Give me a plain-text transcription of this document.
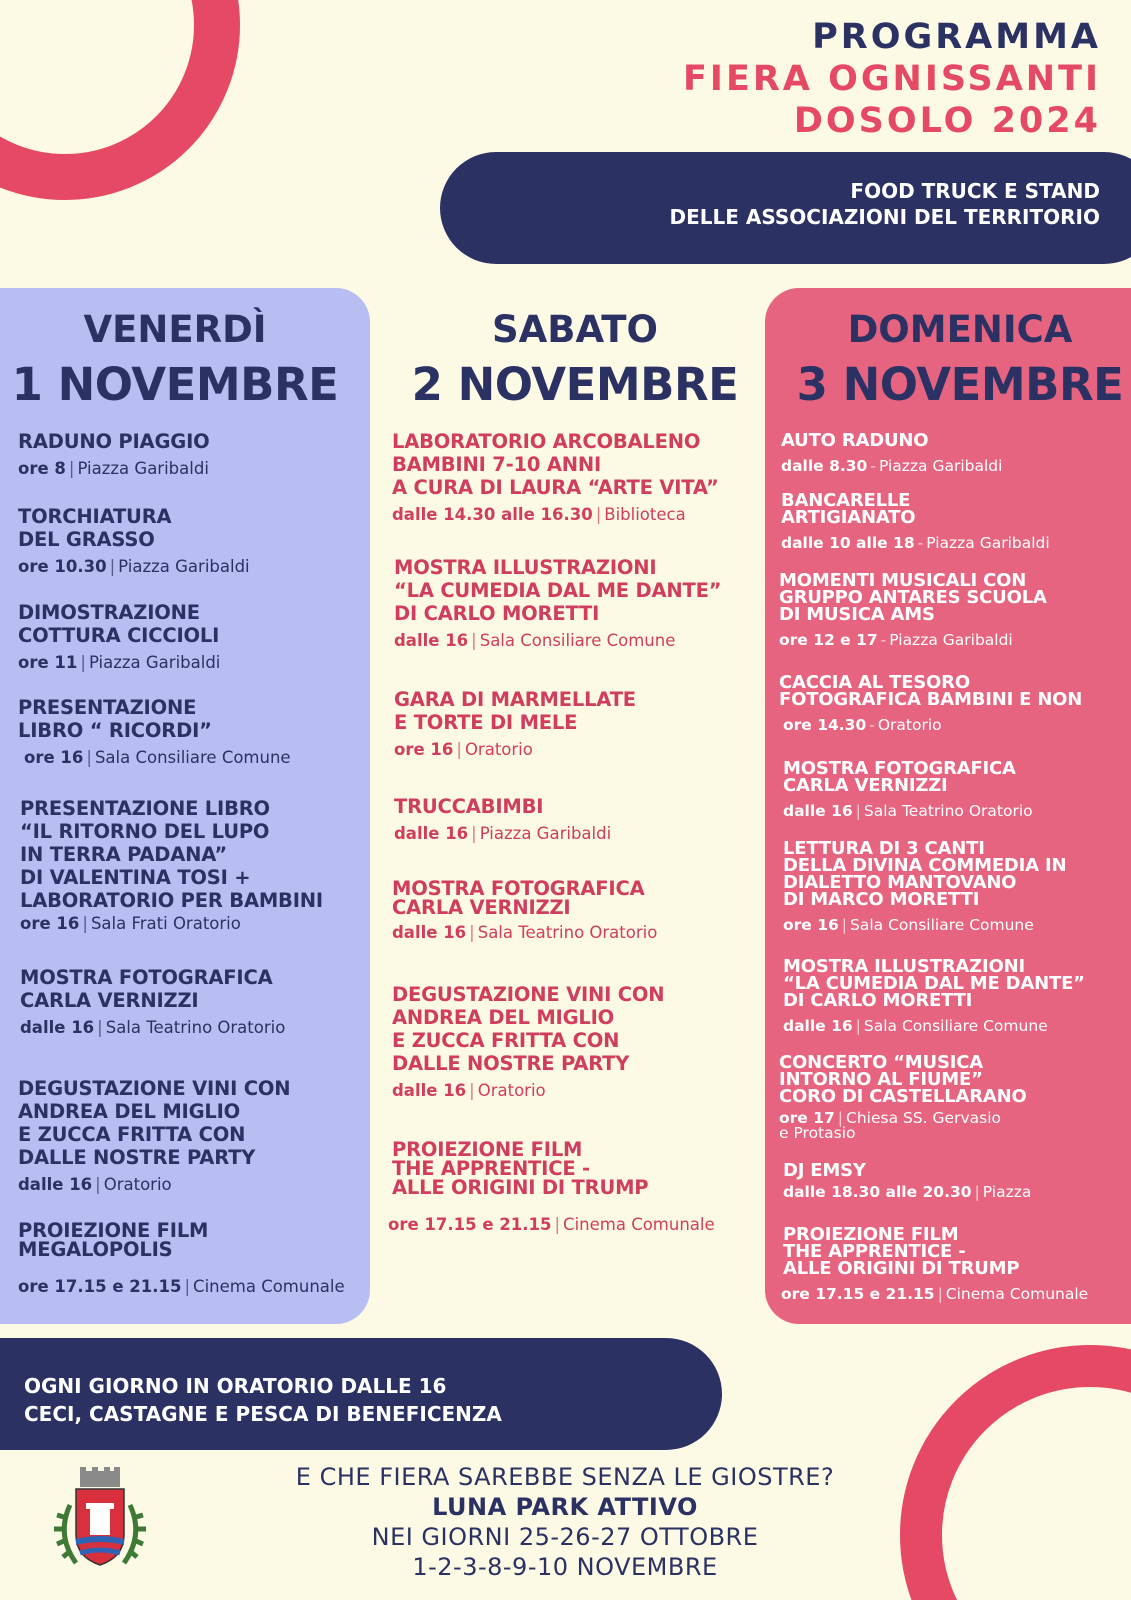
PROGRAMMA
FIERA OGNISSANTI
DOSOLO 2024
FOOD TRUCK E STAND
DELLE ASSOCIAZIONI DEL TERRITORIO
VENERDÌ
1 NOVEMBRE
RADUNO PIAGGIO
ore 8 | Piazza Garibaldi
TORCHIATURA
DEL GRASSO
ore 10.30 | Piazza Garibaldi
DIMOSTRAZIONE
COTTURA CICCIOLI
ore 11 | Piazza Garibaldi
PRESENTAZIONE
LIBRO “ RICORDI”
ore 16 | Sala Consiliare Comune
PRESENTAZIONE LIBRO
“IL RITORNO DEL LUPO
IN TERRA PADANA”
DI VALENTINA TOSI +
LABORATORIO PER BAMBINI
ore 16 | Sala Frati Oratorio
MOSTRA FOTOGRAFICA
CARLA VERNIZZI
dalle 16 | Sala Teatrino Oratorio
DEGUSTAZIONE VINI CON
ANDREA DEL MIGLIO
E ZUCCA FRITTA CON
DALLE NOSTRE PARTY
dalle 16 | Oratorio
PROIEZIONE FILM
MEGALOPOLIS
ore 17.15 e 21.15 | Cinema Comunale
SABATO
2 NOVEMBRE
LABORATORIO ARCOBALENO
BAMBINI 7-10 ANNI
A CURA DI LAURA “ARTE VITA”
dalle 14.30 alle 16.30 | Biblioteca
MOSTRA ILLUSTRAZIONI
“LA CUMEDIA DAL ME DANTE”
DI CARLO MORETTI
dalle 16 | Sala Consiliare Comune
GARA DI MARMELLATE
E TORTE DI MELE
ore 16 | Oratorio
TRUCCABIMBI
dalle 16 | Piazza Garibaldi
MOSTRA FOTOGRAFICA
CARLA VERNIZZI
dalle 16 | Sala Teatrino Oratorio
DEGUSTAZIONE VINI CON
ANDREA DEL MIGLIO
E ZUCCA FRITTA CON
DALLE NOSTRE PARTY
dalle 16 | Oratorio
PROIEZIONE FILM
THE APPRENTICE -
ALLE ORIGINI DI TRUMP
ore 17.15 e 21.15 | Cinema Comunale
DOMENICA
3 NOVEMBRE
AUTO RADUNO
dalle 8.30 - Piazza Garibaldi
BANCARELLE
ARTIGIANATO
dalle 10 alle 18 - Piazza Garibaldi
MOMENTI MUSICALI CON
GRUPPO ANTARES SCUOLA
DI MUSICA AMS
ore 12 e 17 - Piazza Garibaldi
CACCIA AL TESORO
FOTOGRAFICA BAMBINI E NON
ore 14.30 - Oratorio
MOSTRA FOTOGRAFICA
CARLA VERNIZZI
dalle 16 | Sala Teatrino Oratorio
LETTURA DI 3 CANTI
DELLA DIVINA COMMEDIA IN
DIALETTO MANTOVANO
DI MARCO MORETTI
ore 16 | Sala Consiliare Comune
MOSTRA ILLUSTRAZIONI
“LA CUMEDIA DAL ME DANTE”
DI CARLO MORETTI
dalle 16 | Sala Consiliare Comune
CONCERTO “MUSICA
INTORNO AL FIUME”
CORO DI CASTELLARANO
ore 17 | Chiesa SS. Gervasio
e Protasio
DJ EMSY
dalle 18.30 alle 20.30 | Piazza
PROIEZIONE FILM
THE APPRENTICE -
ALLE ORIGINI DI TRUMP
ore 17.15 e 21.15 | Cinema Comunale
OGNI GIORNO IN ORATORIO DALLE 16
CECI, CASTAGNE E PESCA DI BENEFICENZA
E CHE FIERA SAREBBE SENZA LE GIOSTRE?
LUNA PARK ATTIVO
NEI GIORNI 25-26-27 OTTOBRE
1-2-3-8-9-10 NOVEMBRE
